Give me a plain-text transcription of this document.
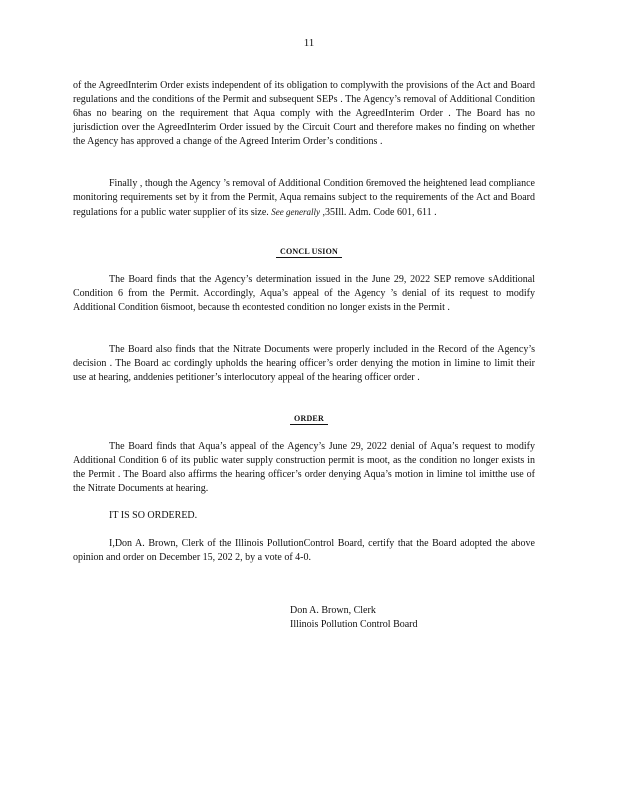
11
of the AgreedInterim Order exists independent of its obligation to complywith the provisions of the Act and Board regulations and the conditions of the Permit and subsequent SEPs . The Agency’s removal of Additional Condition 6has no bearing on the requirement that Aqua comply with the AgreedInterim Order . The Board has no jurisdiction over the AgreedInterim Order issued by the Circuit Court and therefore makes no finding on whether the Agency has approved a change of the Agreed Interim Order’s conditions .
Finally , though the Agency ’s removal of Additional Condition 6removed the heightened lead compliance monitoring requirements set by it from the Permit, Aqua remains subject to the requirements of the Act and Board regulations for a public water supplier of its size. See generally ,35Ill. Adm. Code 601, 611 .
CONCL USION
The Board finds that the Agency’s determination issued in the June 29, 2022 SEP remove sAdditional Condition 6 from the Permit. Accordingly, Aqua’s appeal of the Agency ’s denial of its request to modify Additional Condition 6ismoot, because th econtested condition no longer exists in the Permit .
The Board also finds that the Nitrate Documents were properly included in the Record of the Agency’s decision . The Board ac cordingly upholds the hearing officer’s order denying the motion in limine to limit their use at hearing, anddenies petitioner’s interlocutory appeal of the hearing officer order .
ORDER
The Board finds that Aqua’s appeal of the Agency’s June 29, 2022 denial of Aqua’s request to modify Additional Condition 6 of its public water supply construction permit is moot, as the condition no longer exists in the Permit . The Board also affirms the hearing officer’s order denying Aqua’s motion in limine tol imitthe use of the Nitrate Documents at hearing.
IT IS SO ORDERED.
I,Don A. Brown, Clerk of the Illinois PollutionControl Board, certify that the Board adopted the above opinion and order on December 15, 202 2, by a vote of 4-0.
Don A. Brown, Clerk
Illinois Pollution Control Board
